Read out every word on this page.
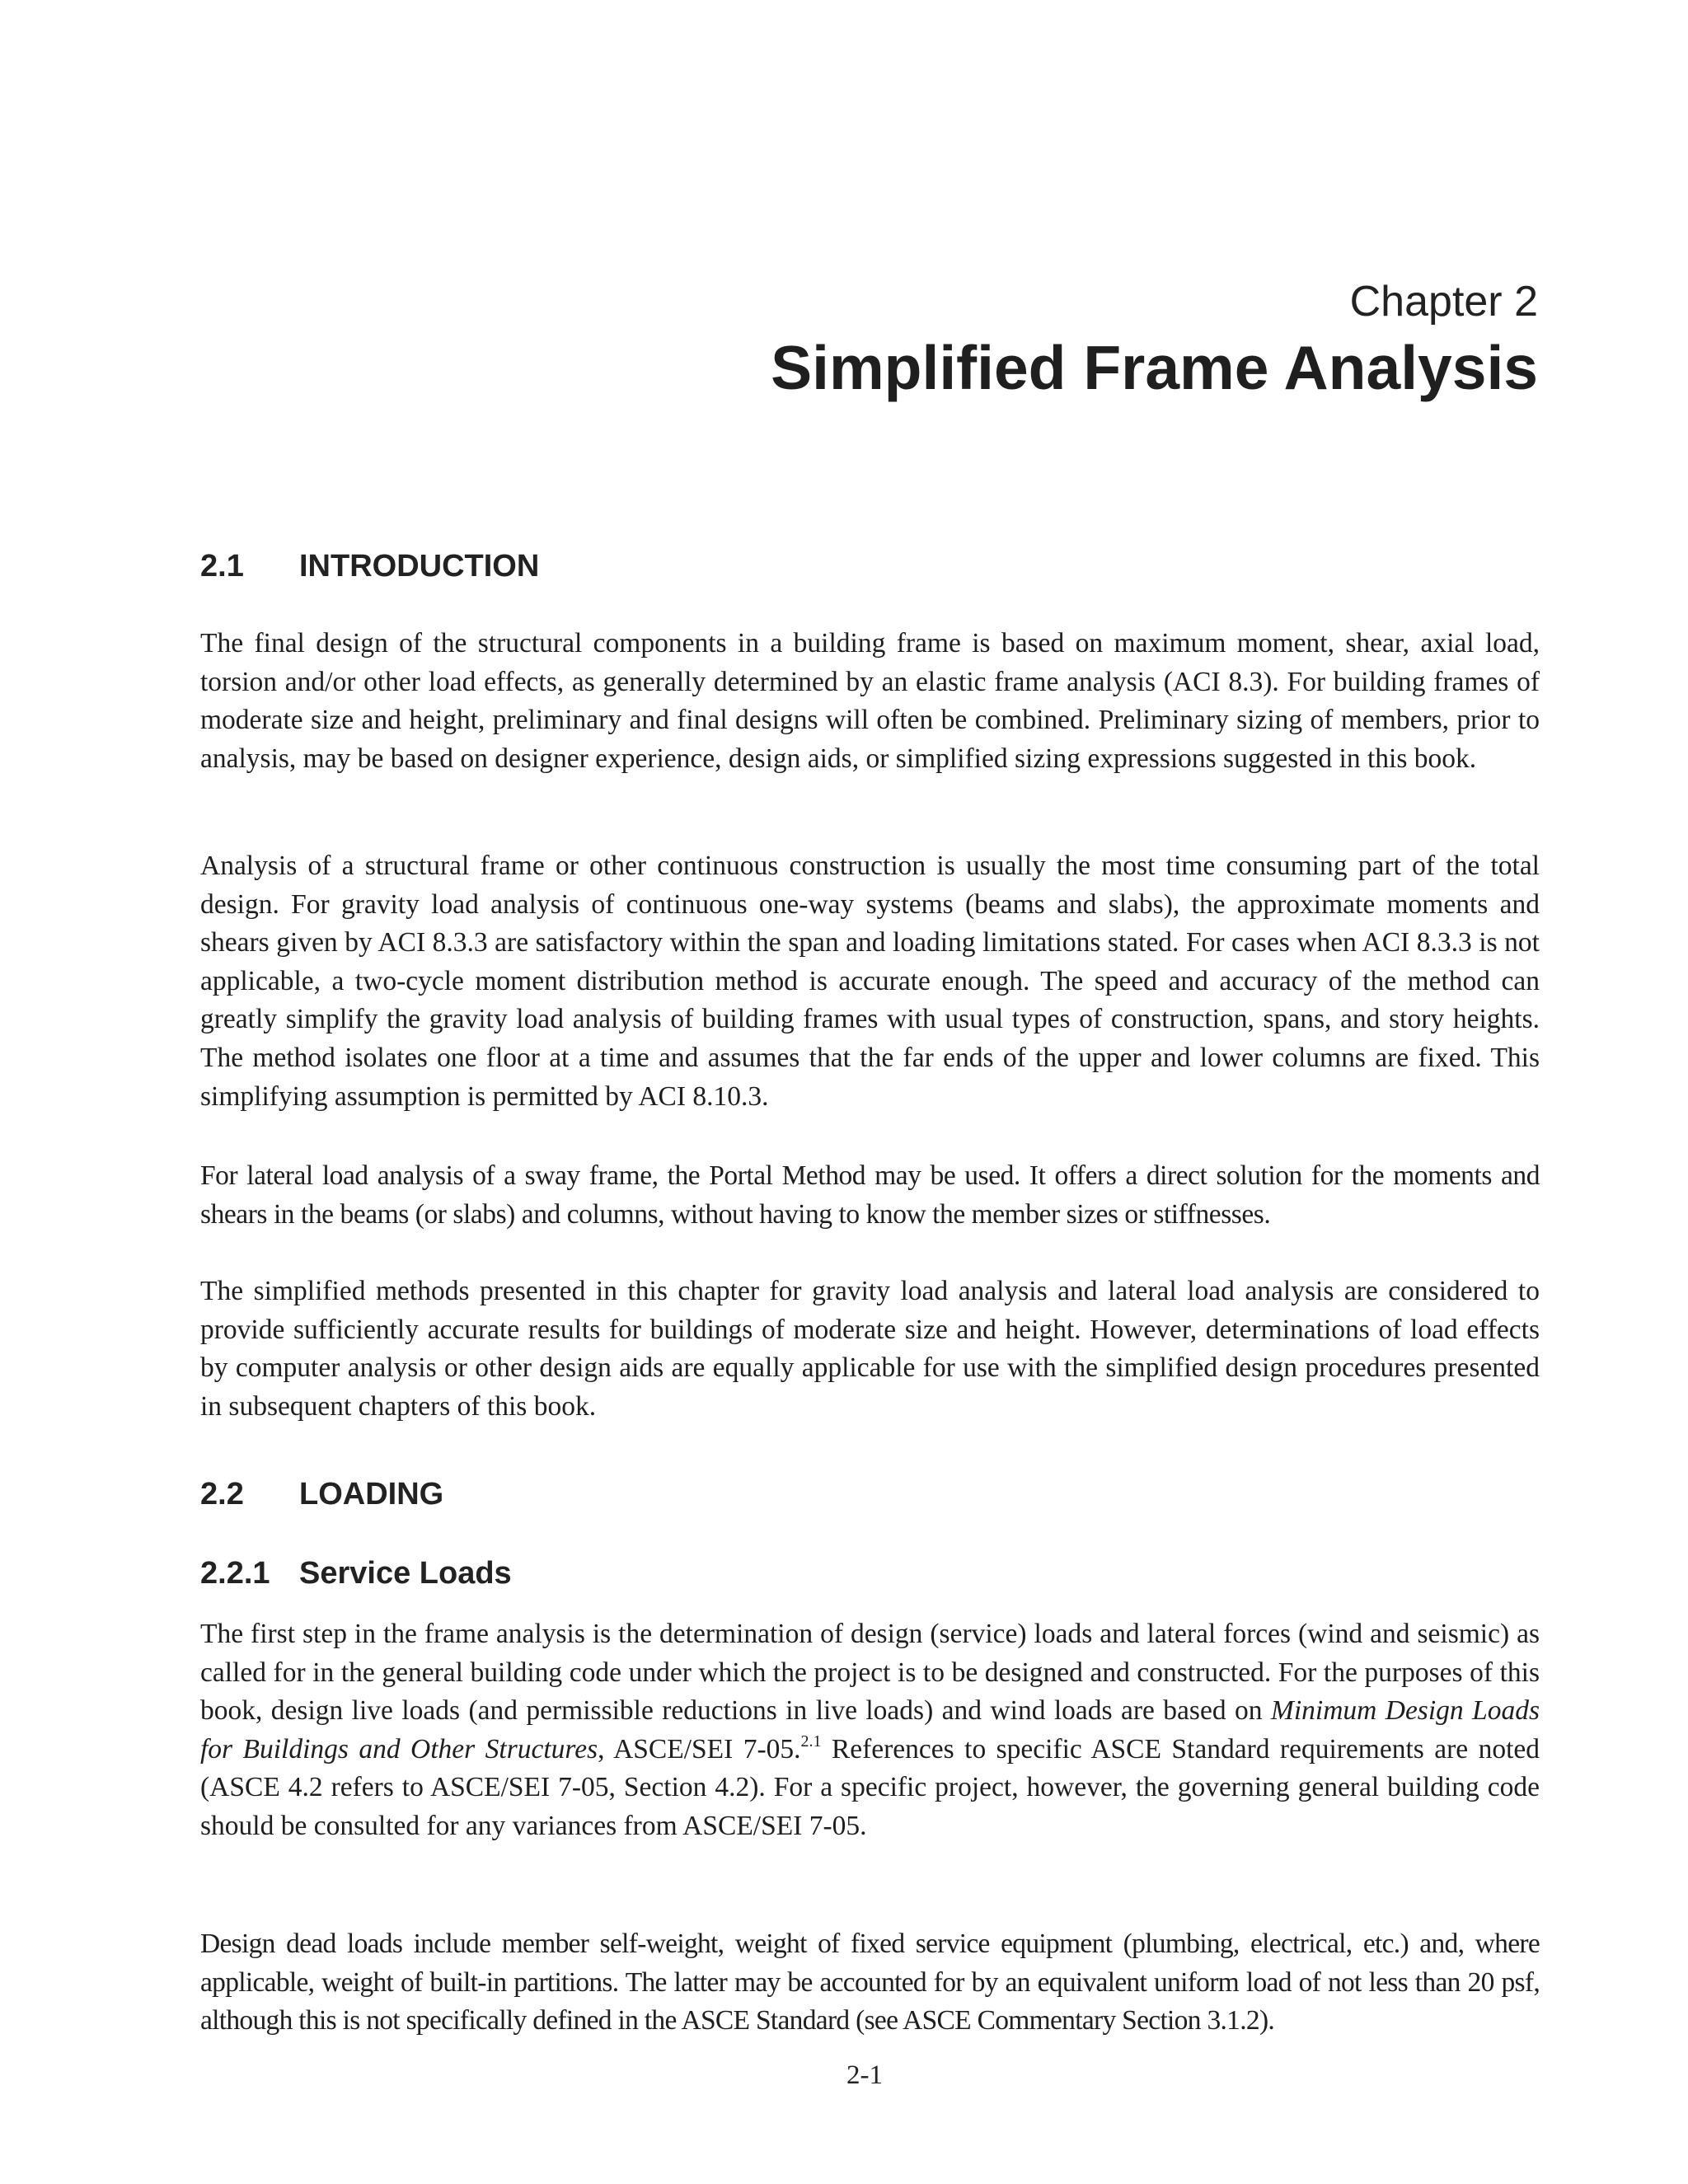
Chapter 2
Simplified Frame Analysis
2.1	INTRODUCTION

The final design of the structural components in a building frame is based on maximum moment, shear, axial load, torsion and/or other load effects, as generally determined by an elastic frame analysis (ACI 8.3). For building frames of moderate size and height, preliminary and final designs will often be combined. Preliminary sizing of members, prior to analysis, may be based on designer experience, design aids, or simplified sizing expressions suggested in this book.

Analysis of a structural frame or other continuous construction is usually the most time consuming part of the total design. For gravity load analysis of continuous one-way systems (beams and slabs), the approximate moments and shears given by ACI 8.3.3 are satisfactory within the span and loading limitations stated. For cases when ACI 8.3.3 is not applicable, a two-cycle moment distribution method is accurate enough. The speed and accuracy of the method can greatly simplify the gravity load analysis of building frames with usual types of construction, spans, and story heights. The method isolates one floor at a time and assumes that the far ends of the upper and lower columns are fixed. This simplifying assumption is permitted by ACI 8.10.3.

For lateral load analysis of a sway frame, the Portal Method may be used. It offers a direct solution for the moments and shears in the beams (or slabs) and columns, without having to know the member sizes or stiffnesses.

The simplified methods presented in this chapter for gravity load analysis and lateral load analysis are considered to provide sufficiently accurate results for buildings of moderate size and height. However, determinations of load effects by computer analysis or other design aids are equally applicable for use with the simplified design procedures presented in subsequent chapters of this book.

2.2	LOADING
2.2.1 Service Loads

The first step in the frame analysis is the determination of design (service) loads and lateral forces (wind and seismic) as called for in the general building code under which the project is to be designed and constructed. For the purposes of this book, design live loads (and permissible reductions in live loads) and wind loads are based on Minimum Design Loads for Buildings and Other Structures, ASCE/SEI 7-05.$^{2.1}$ References to specific ASCE Standard requirements are noted (ASCE 4.2 refers to ASCE/SEI 7-05, Section 4.2). For a specific project, however, the governing general building code should be consulted for any variances from ASCE/SEI 7-05.

Design dead loads include member self-weight, weight of fixed service equipment (plumbing, electrical, etc.) and, where applicable, weight of built-in partitions. The latter may be accounted for by an equivalent uniform load of not less than 20 psf, although this is not specifically defined in the ASCE Standard (see ASCE Commentary Section 3.1.2).

2-1
